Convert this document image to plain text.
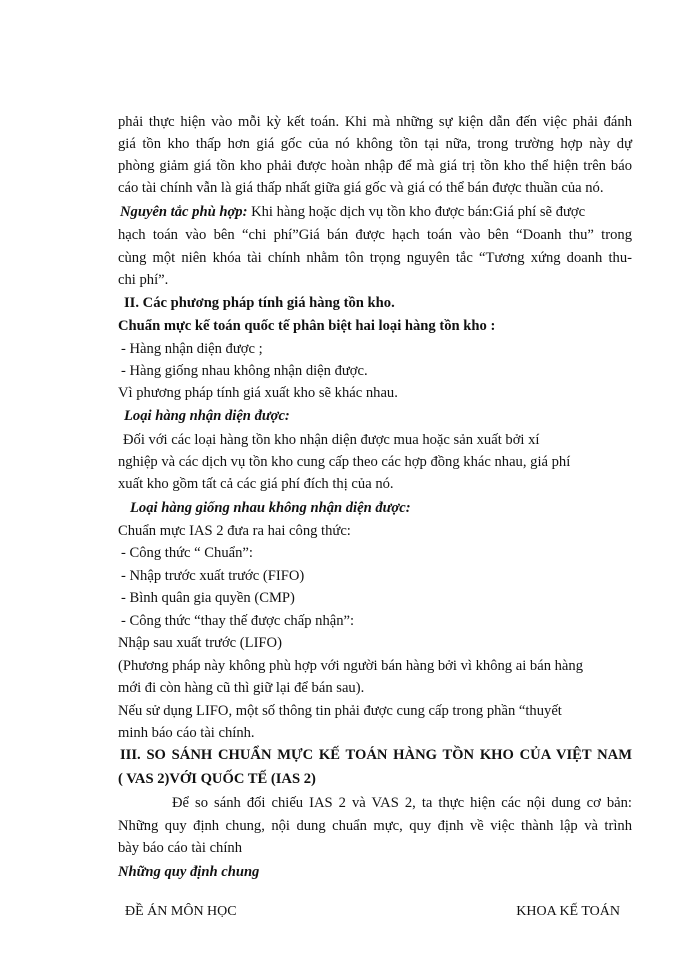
phải thực hiện vào mỗi kỳ kết toán. Khi mà những sự kiện dẫn đến việc phải đánh
giá tồn kho thấp hơn giá gốc của nó không tồn tại nữa, trong trường hợp này dự
phòng giảm giá tồn kho phải được hoàn nhập để mà giá trị tồn kho thể hiện trên báo
cáo tài chính vẫn là giá thấp nhất giữa giá gốc và giá có thể bán được thuần của nó.
Nguyên tắc phù hợp: Khi hàng hoặc dịch vụ tồn kho được bán:Giá phí sẽ được
hạch toán vào bên “chi phí”Giá bán được hạch toán vào bên “Doanh thu” trong
cùng một niên khóa tài chính nhằm tôn trọng nguyên tắc “Tương xứng doanh thu-
chi phí”.
II. Các phương pháp tính giá hàng tồn kho.
Chuẩn mực kế toán quốc tế phân biệt hai loại hàng tồn kho :
- Hàng nhận diện được ;
- Hàng giống nhau không nhận diện được.
Vì phương pháp tính giá xuất kho sẽ khác nhau.
Loại hàng nhận diện được:
Đối với các loại hàng tồn kho nhận diện được mua hoặc sản xuất bởi xí
nghiệp và các dịch vụ tồn kho cung cấp theo các hợp đồng khác nhau, giá phí
xuất kho gồm tất cả các giá phí đích thị của nó.
Loại hàng giống nhau không nhận diện được:
Chuẩn mực IAS 2 đưa ra hai công thức:
- Công thức “ Chuẩn”:
- Nhập trước xuất trước (FIFO)
- Bình quân gia quyền (CMP)
- Công thức “thay thế được chấp nhận”:
Nhập sau xuất trước (LIFO)
(Phương pháp này không phù hợp với người bán hàng bởi vì không ai bán hàng
mới đi còn hàng cũ thì giữ lại để bán sau).
Nếu sử dụng LIFO, một số thông tin phải được cung cấp trong phần “thuyết
minh báo cáo tài chính.
III. SO SÁNH CHUẨN MỰC KẾ TOÁN HÀNG TỒN KHO CỦA VIỆT NAM
( VAS 2)VỚI QUỐC TẾ (IAS 2)
Để so sánh đối chiếu IAS 2 và VAS 2, ta thực hiện các nội dung cơ bản:
Những quy định chung, nội dung chuẩn mực, quy định về việc thành lập và trình
bày báo cáo tài chính
Những quy định chung
ĐỀ ÁN MÔN HỌC	KHOA KẾ TOÁN
